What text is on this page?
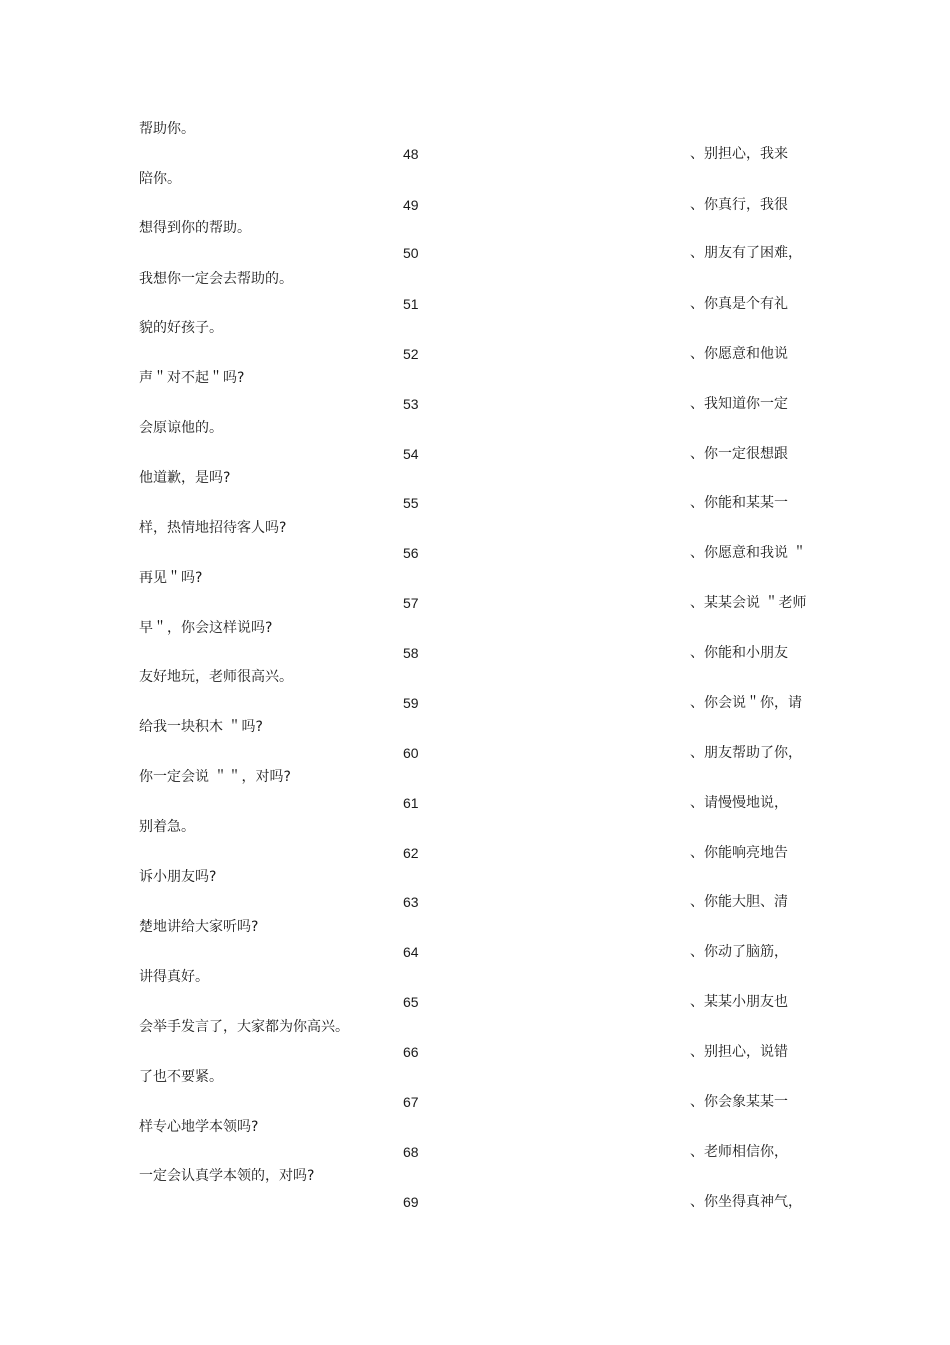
帮助你。
陪你。
想得到你的帮助。
我想你一定会去帮助的。
貌的好孩子。
声＂对不起＂吗?
会原谅他的。
他道歉，是吗?
样，热情地招待客人吗?
再见＂吗?
早＂，你会这样说吗?
友好地玩，老师很高兴。
给我一块积木 ＂吗?
你一定会说 ＂＂，对吗?
别着急。
诉小朋友吗?
楚地讲给大家听吗?
讲得真好。
会举手发言了，大家都为你高兴。
了也不要紧。
样专心地学本领吗?
一定会认真学本领的，对吗?
48
49
50
51
52
53
54
55
56
57
58
59
60
61
62
63
64
65
66
67
68
69
、别担心，我来
、你真行，我很
、朋友有了困难，
、你真是个有礼
、你愿意和他说
、我知道你一定
、你一定很想跟
、你能和某某一
、你愿意和我说 ＂
、某某会说 ＂老师
、你能和小朋友
、你会说＂你，请
、朋友帮助了你，
、请慢慢地说，
、你能响亮地告
、你能大胆、清
、你动了脑筋，
、某某小朋友也
、别担心，说错
、你会象某某一
、老师相信你，
、你坐得真神气，
